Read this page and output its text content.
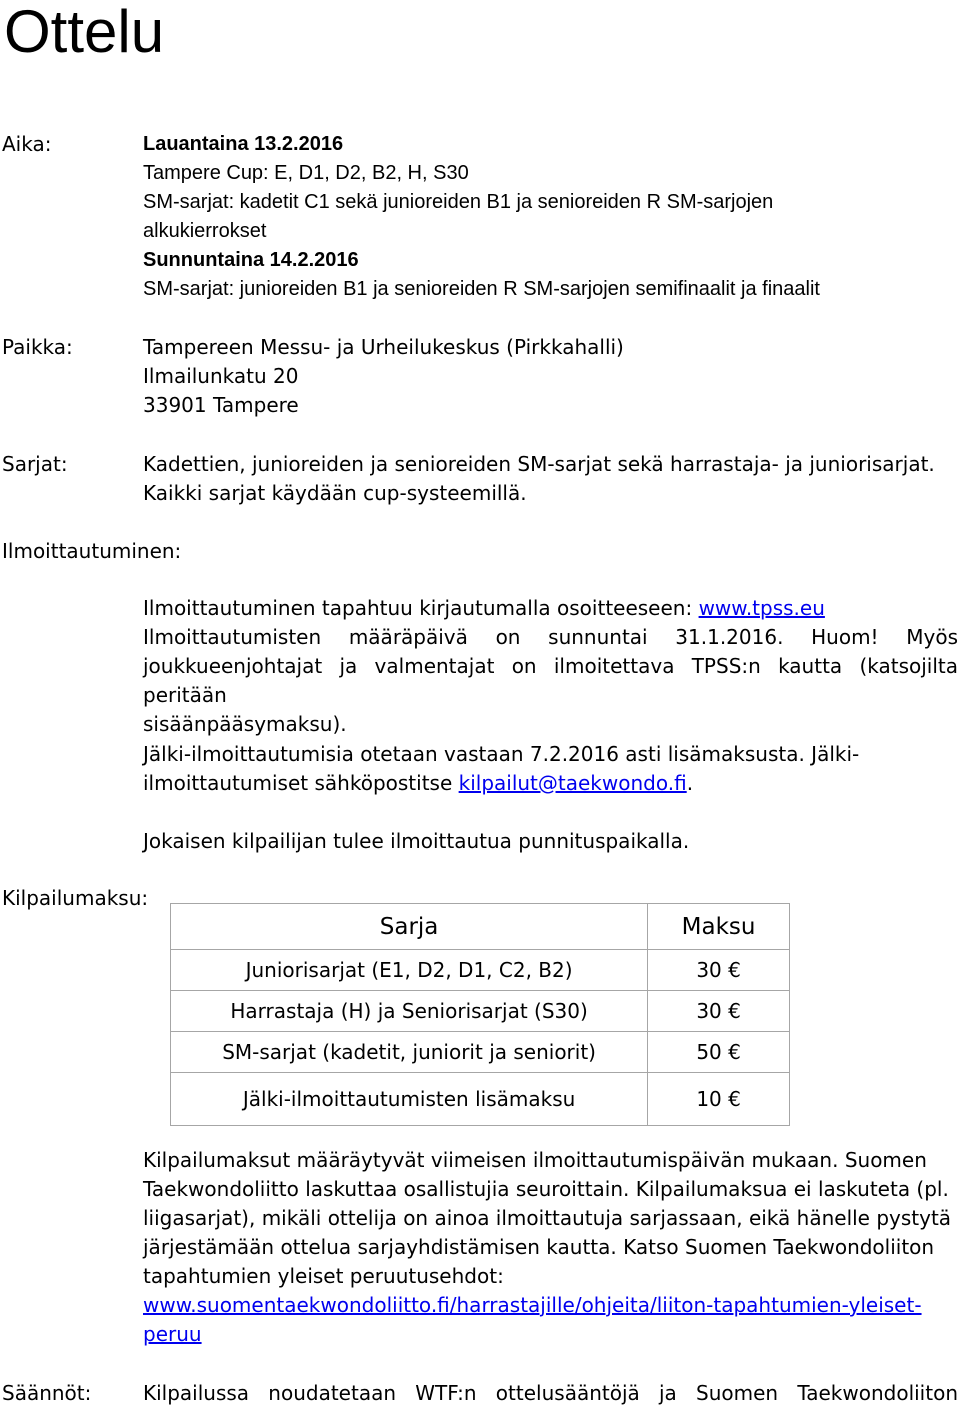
Ottelu
Aika:	Lauantaina 13.2.2016
Tampere Cup: E, D1, D2, B2, H, S30
SM-sarjat: kadetit C1 sekä junioreiden B1 ja senioreiden R SM-sarjojen
alkukierrokset
Sunnuntaina 14.2.2016
SM-sarjat: junioreiden B1 ja senioreiden R SM-sarjojen semifinaalit ja finaalit
Paikka:	Tampereen Messu- ja Urheilukeskus (Pirkkahalli)
Ilmailunkatu 20
33901 Tampere
Sarjat:	Kadettien, junioreiden ja senioreiden SM-sarjat sekä harrastaja- ja juniorisarjat.
Kaikki sarjat käydään cup-systeemillä.
Ilmoittautuminen:
Ilmoittautuminen tapahtuu kirjautumalla osoitteeseen: www.tpss.eu
Ilmoittautumisten määräpäivä on sunnuntai 31.1.2016. Huom! Myös
joukkueenjohtajat ja valmentajat on ilmoitettava TPSS:n kautta (katsojilta peritään
sisäänpääsymaksu).
Jälki-ilmoittautumisia otetaan vastaan 7.2.2016 asti lisämaksusta. Jälki-
ilmoittautumiset sähköpostitse kilpailut@taekwondo.fi.
Jokaisen kilpailijan tulee ilmoittautua punnituspaikalla.
Kilpailumaksu:
Sarja	Maksu
Juniorisarjat (E1, D2, D1, C2, B2)	30 €
Harrastaja (H) ja Seniorisarjat (S30)	30 €
SM-sarjat (kadetit, juniorit ja seniorit)	50 €
Jälki-ilmoittautumisten lisämaksu	10 €
Kilpailumaksut määräytyvät viimeisen ilmoittautumispäivän mukaan. Suomen
Taekwondoliitto laskuttaa osallistujia seuroittain. Kilpailumaksua ei laskuteta (pl.
liigasarjat), mikäli ottelija on ainoa ilmoittautuja sarjassaan, eikä hänelle pystytä
järjestämään ottelua sarjayhdistämisen kautta. Katso Suomen Taekwondoliiton
tapahtumien yleiset peruutusehdot:
www.suomentaekwondoliitto.fi/harrastajille/ohjeita/liiton-tapahtumien-yleiset-
peruu
Säännöt:	Kilpailussa noudatetaan WTF:n ottelusääntöjä ja Suomen Taekwondoliiton
